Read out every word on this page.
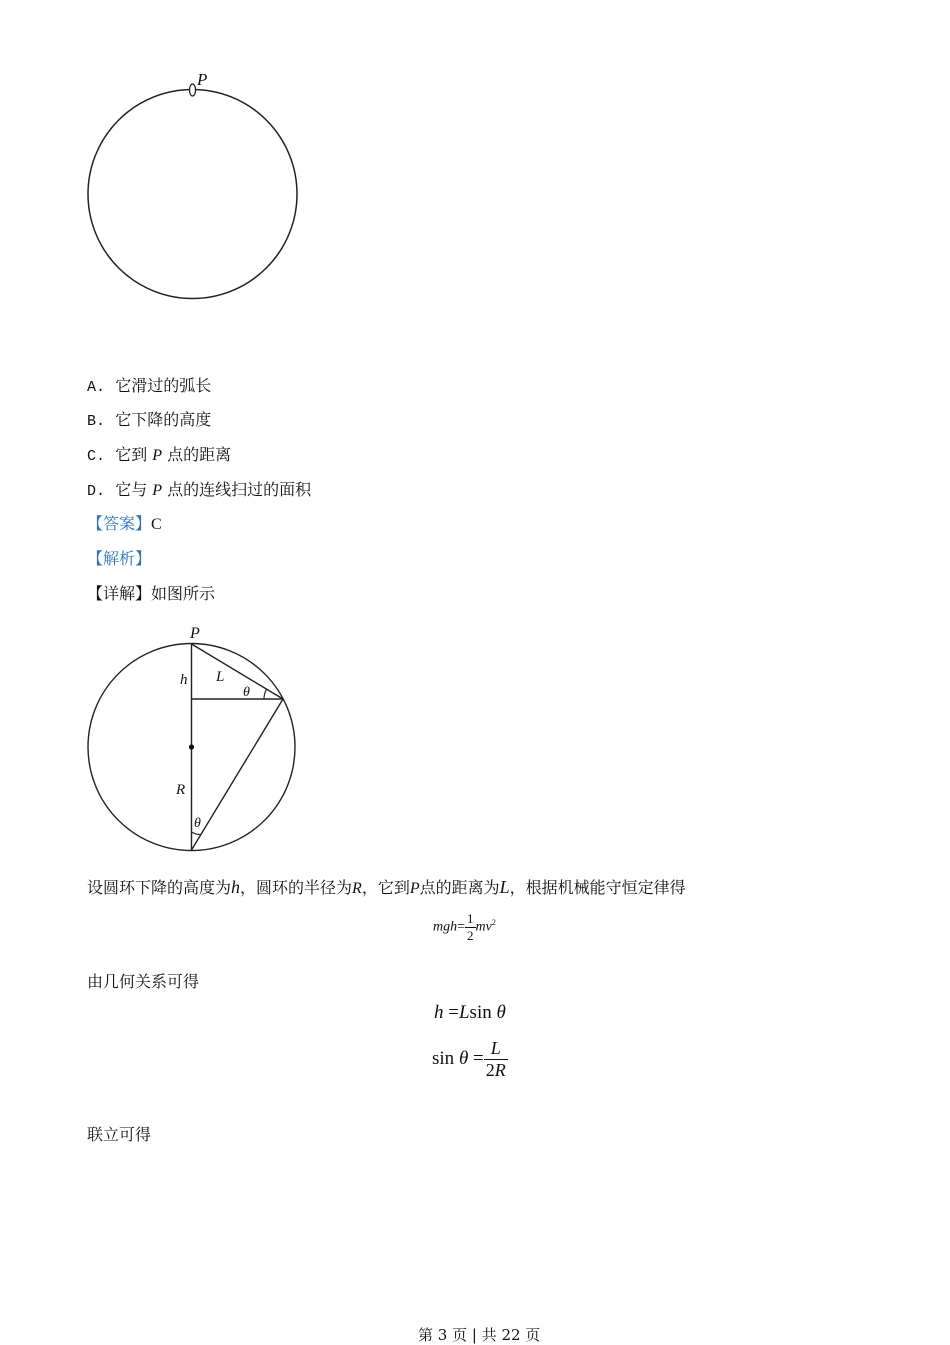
P
A. 它滑过的弧长
B. 它下降的高度
C. 它到 P 点的距离
D. 它与 P 点的连线扫过的面积
【答案】C
【解析】
【详解】如图所示
P
h L
θ
R
θ
设圆环下降的高度为h，圆环的半径为R，它到P点的距离为L，根据机械能守恒定律得
$mgh= \frac{1}{2} mv^2$
由几何关系可得
h =Lsin θ
$\sin \theta = \frac{L}{2R}$
联立可得
第 3 页 | 共 22 页
